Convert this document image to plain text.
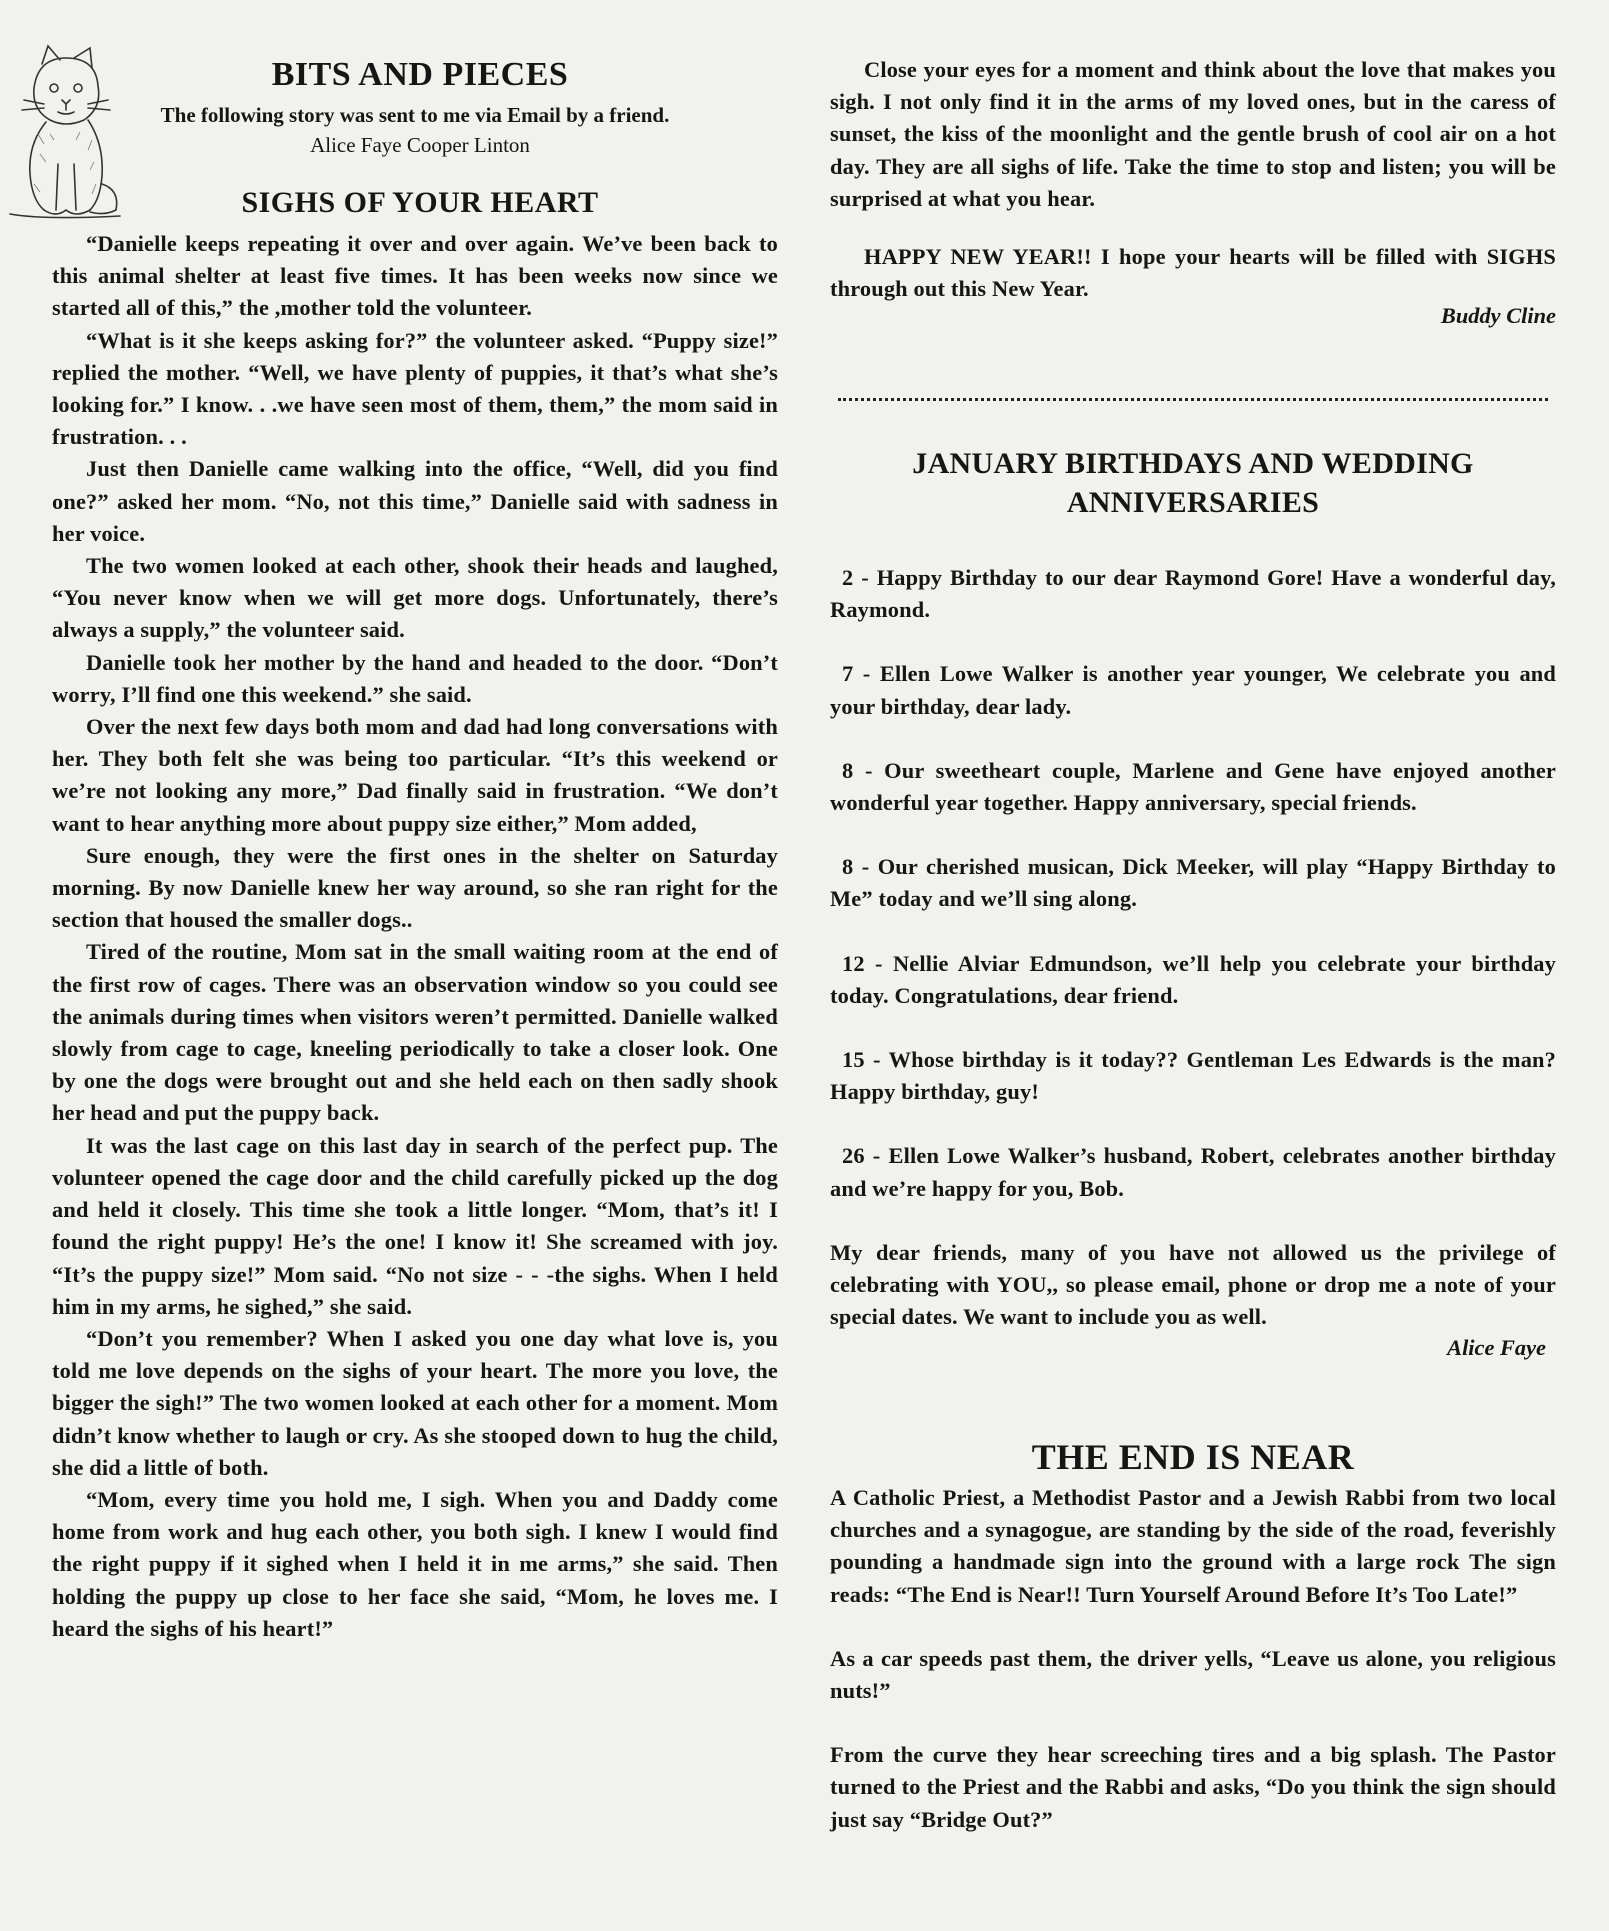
BITS AND PIECES

The following story was sent to me via Email by a friend.

Alice Faye Cooper Linton

SIGHS OF YOUR HEART

“Danielle keeps repeating it over and over again. We’ve been back to this animal shelter at least five times. It has been weeks now since we started all of this,” the ,mother told the volunteer.

“What is it she keeps asking for?” the volunteer asked. “Puppy size!” replied the mother. “Well, we have plenty of puppies, it that’s what she’s looking for.” I know. . .we have seen most of them, them,” the mom said in frustration. . .

Just then Danielle came walking into the office, “Well, did you find one?” asked her mom. “No, not this time,” Danielle said with sadness in her voice.

The two women looked at each other, shook their heads and laughed, “You never know when we will get more dogs. Unfortunately, there’s always a supply,” the volunteer said.

Danielle took her mother by the hand and headed to the door. “Don’t worry, I’ll find one this weekend.” she said.

Over the next few days both mom and dad had long conversations with her. They both felt she was being too particular. “It’s this weekend or we’re not looking any more,” Dad finally said in frustration. “We don’t want to hear anything more about puppy size either,” Mom added,

Sure enough, they were the first ones in the shelter on Saturday morning. By now Danielle knew her way around, so she ran right for the section that housed the smaller dogs..

Tired of the routine, Mom sat in the small waiting room at the end of the first row of cages. There was an observation window so you could see the animals during times when visitors weren’t permitted. Danielle walked slowly from cage to cage, kneeling periodically to take a closer look. One by one the dogs were brought out and she held each on then sadly shook her head and put the puppy back.

It was the last cage on this last day in search of the perfect pup. The volunteer opened the cage door and the child carefully picked up the dog and held it closely. This time she took a little longer. “Mom, that’s it! I found the right puppy! He’s the one! I know it! She screamed with joy. “It’s the puppy size!” Mom said. “No not size - - -the sighs. When I held him in my arms, he sighed,” she said.

“Don’t you remember? When I asked you one day what love is, you told me love depends on the sighs of your heart. The more you love, the bigger the sigh!” The two women looked at each other for a moment. Mom didn’t know whether to laugh or cry. As she stooped down to hug the child, she did a little of both.

“Mom, every time you hold me, I sigh. When you and Daddy come home from work and hug each other, you both sigh. I knew I would find the right puppy if it sighed when I held it in me arms,” she said. Then holding the puppy up close to her face she said, “Mom, he loves me. I heard the sighs of his heart!”

Close your eyes for a moment and think about the love that makes you sigh. I not only find it in the arms of my loved ones, but in the caress of sunset, the kiss of the moonlight and the gentle brush of cool air on a hot day. They are all sighs of life. Take the time to stop and listen; you will be surprised at what you hear.

HAPPY NEW YEAR!! I hope your hearts will be filled with SIGHS through out this New Year.

Buddy Cline

JANUARY BIRTHDAYS AND WEDDING
ANNIVERSARIES

2 - Happy Birthday to our dear Raymond Gore! Have a wonderful day, Raymond.

7 - Ellen Lowe Walker is another year younger, We celebrate you and your birthday, dear lady.

8 - Our sweetheart couple, Marlene and Gene have enjoyed another wonderful year together. Happy anniversary, special friends.

8 - Our cherished musican, Dick Meeker, will play “Happy Birthday to Me” today and we’ll sing along.

12 - Nellie Alviar Edmundson, we’ll help you celebrate your birthday today. Congratulations, dear friend.

15 - Whose birthday is it today?? Gentleman Les Edwards is the man? Happy birthday, guy!

26 - Ellen Lowe Walker’s husband, Robert, celebrates another birthday and we’re happy for you, Bob.

My dear friends, many of you have not allowed us the privilege of celebrating with YOU,, so please email, phone or drop me a note of your special dates. We want to include you as well.

Alice Faye

THE END IS NEAR

A Catholic Priest, a Methodist Pastor and a Jewish Rabbi from two local churches and a synagogue, are standing by the side of the road, feverishly pounding a handmade sign into the ground with a large rock The sign reads: “The End is Near!! Turn Yourself Around Before It’s Too Late!”

As a car speeds past them, the driver yells, “Leave us alone, you religious nuts!”

From the curve they hear screeching tires and a big splash. The Pastor turned to the Priest and the Rabbi and asks, “Do you think the sign should just say “Bridge Out?”
